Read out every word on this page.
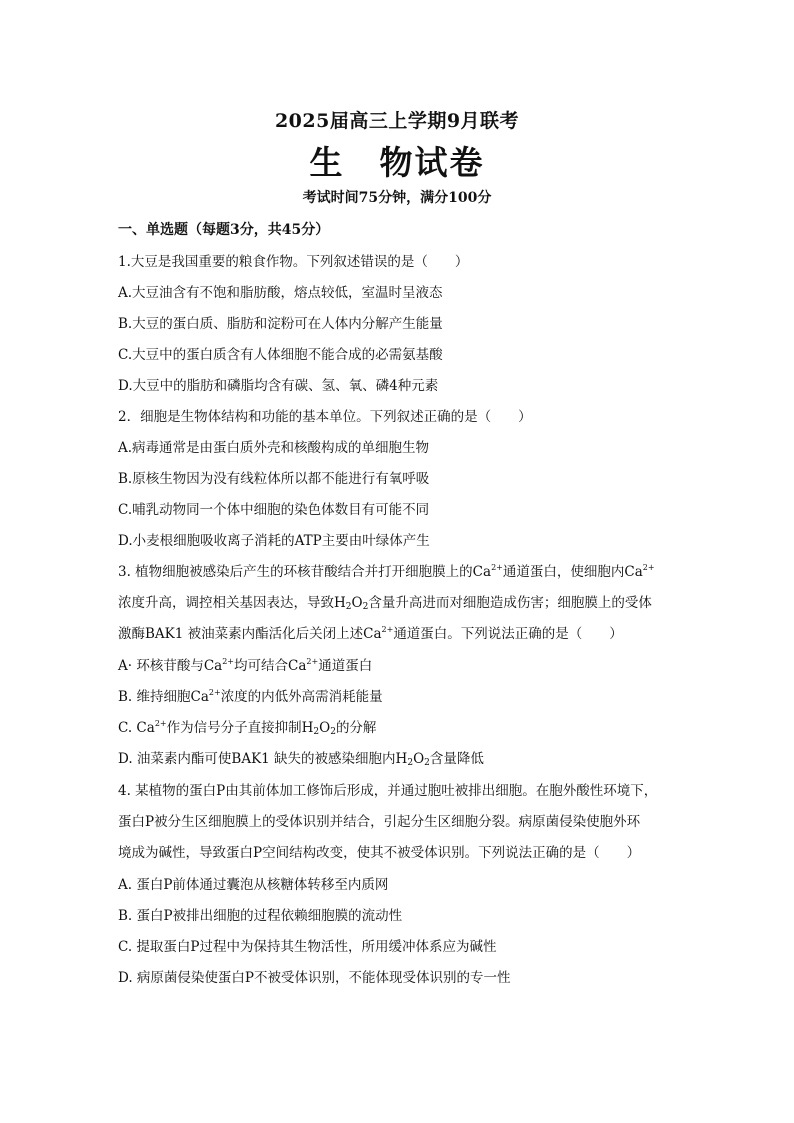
2025届高三上学期9月联考
生　物试卷
考试时间75分钟，满分100分
一、单选题（每题3分，共45分）
1.大豆是我国重要的粮食作物。下列叙述错误的是（　　）
A.大豆油含有不饱和脂肪酸，熔点较低，室温时呈液态
B.大豆的蛋白质、脂肪和淀粉可在人体内分解产生能量
C.大豆中的蛋白质含有人体细胞不能合成的必需氨基酸
D.大豆中的脂肪和磷脂均含有碳、氢、氧、磷4种元素
2．细胞是生物体结构和功能的基本单位。下列叙述正确的是（　　）
A.病毒通常是由蛋白质外壳和核酸构成的单细胞生物
B.原核生物因为没有线粒体所以都不能进行有氧呼吸
C.哺乳动物同一个体中细胞的染色体数目有可能不同
D.小麦根细胞吸收离子消耗的ATP主要由叶绿体产生
3. 植物细胞被感染后产生的环核苷酸结合并打开细胞膜上的$Ca^{2+}$通道蛋白，使细胞内$Ca^{2+}$
浓度升高，调控相关基因表达，导致$H_2O_2$含量升高进而对细胞造成伤害；细胞膜上的受体
激酶BAK1 被油菜素内酯活化后关闭上述$Ca^{2+}$通道蛋白。下列说法正确的是（　　）
A· 环核苷酸与$Ca^{2+}$均可结合$Ca^{2+}$通道蛋白
B. 维持细胞$Ca^{2+}$浓度的内低外高需消耗能量
C. $Ca^{2+}$作为信号分子直接抑制$H_2O_2$的分解
D. 油菜素内酯可使BAK1 缺失的被感染细胞内$H_2O_2$含量降低
4. 某植物的蛋白P由其前体加工修饰后形成，并通过胞吐被排出细胞。在胞外酸性环境下，
蛋白P被分生区细胞膜上的受体识别并结合，引起分生区细胞分裂。病原菌侵染使胞外环
境成为碱性，导致蛋白P空间结构改变，使其不被受体识别。下列说法正确的是（　　）
A. 蛋白P前体通过囊泡从核糖体转移至内质网
B. 蛋白P被排出细胞的过程依赖细胞膜的流动性
C. 提取蛋白P过程中为保持其生物活性，所用缓冲体系应为碱性
D. 病原菌侵染使蛋白P不被受体识别，不能体现受体识别的专一性
